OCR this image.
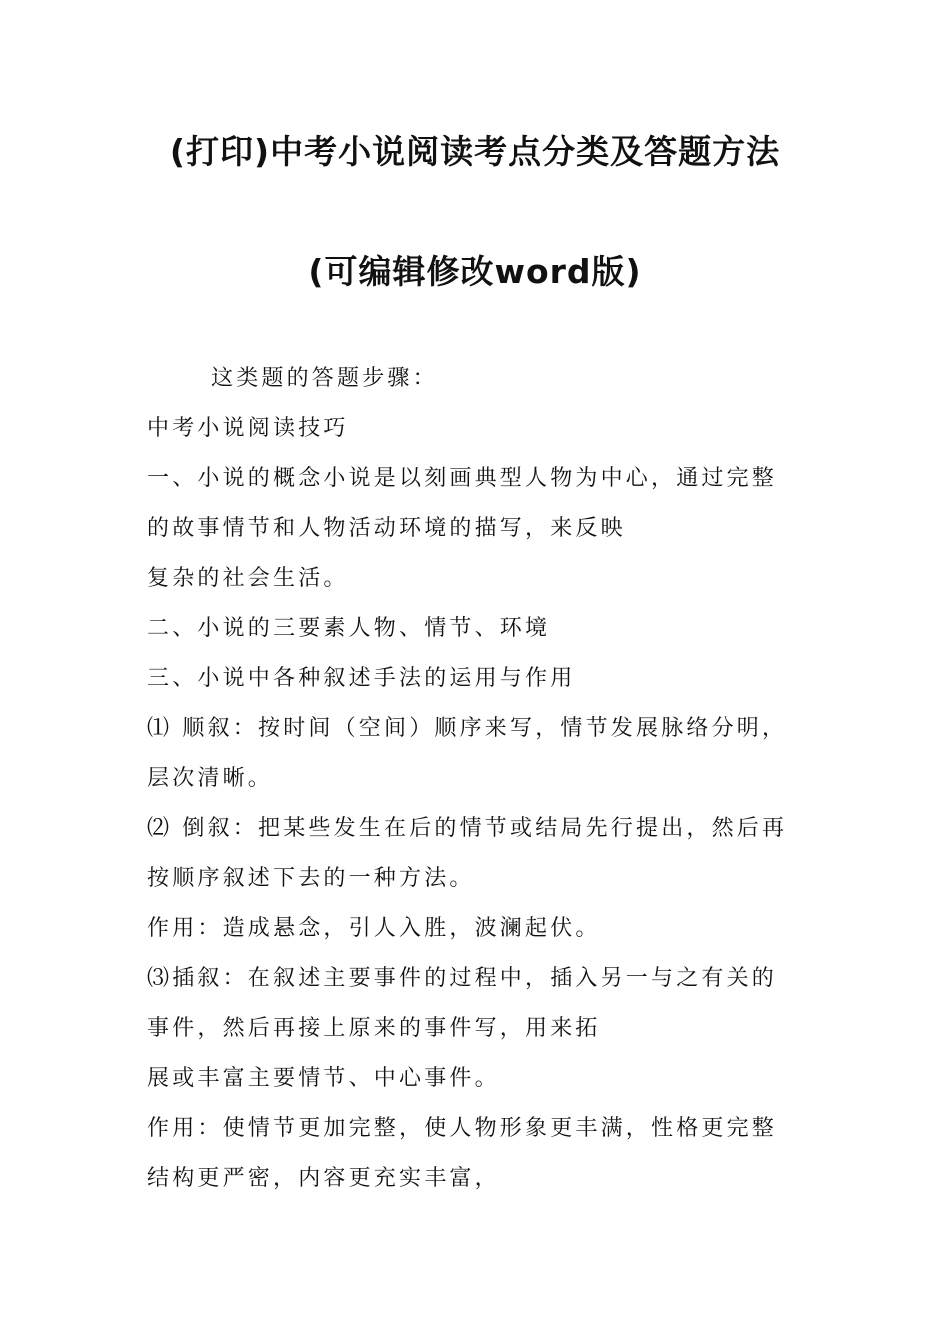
(打印)中考小说阅读考点分类及答题方法
(可编辑修改word版)

这类题的答题步骤：

中考小说阅读技巧

一、小说的概念小说是以刻画典型人物为中心，通过完整

的故事情节和人物活动环境的描写，来反映

复杂的社会生活。

二、小说的三要素人物、情节、环境

三、小说中各种叙述手法的运用与作用

⑴ 顺叙：按时间（空间）顺序来写，情节发展脉络分明，

层次清晰。

⑵ 倒叙：把某些发生在后的情节或结局先行提出，然后再

按顺序叙述下去的一种方法。

作用：造成悬念，引人入胜，波澜起伏。

⑶插叙：在叙述主要事件的过程中，插入另一与之有关的

事件，然后再接上原来的事件写，用来拓

展或丰富主要情节、中心事件。

作用：使情节更加完整，使人物形象更丰满，性格更完整

结构更严密，内容更充实丰富，
